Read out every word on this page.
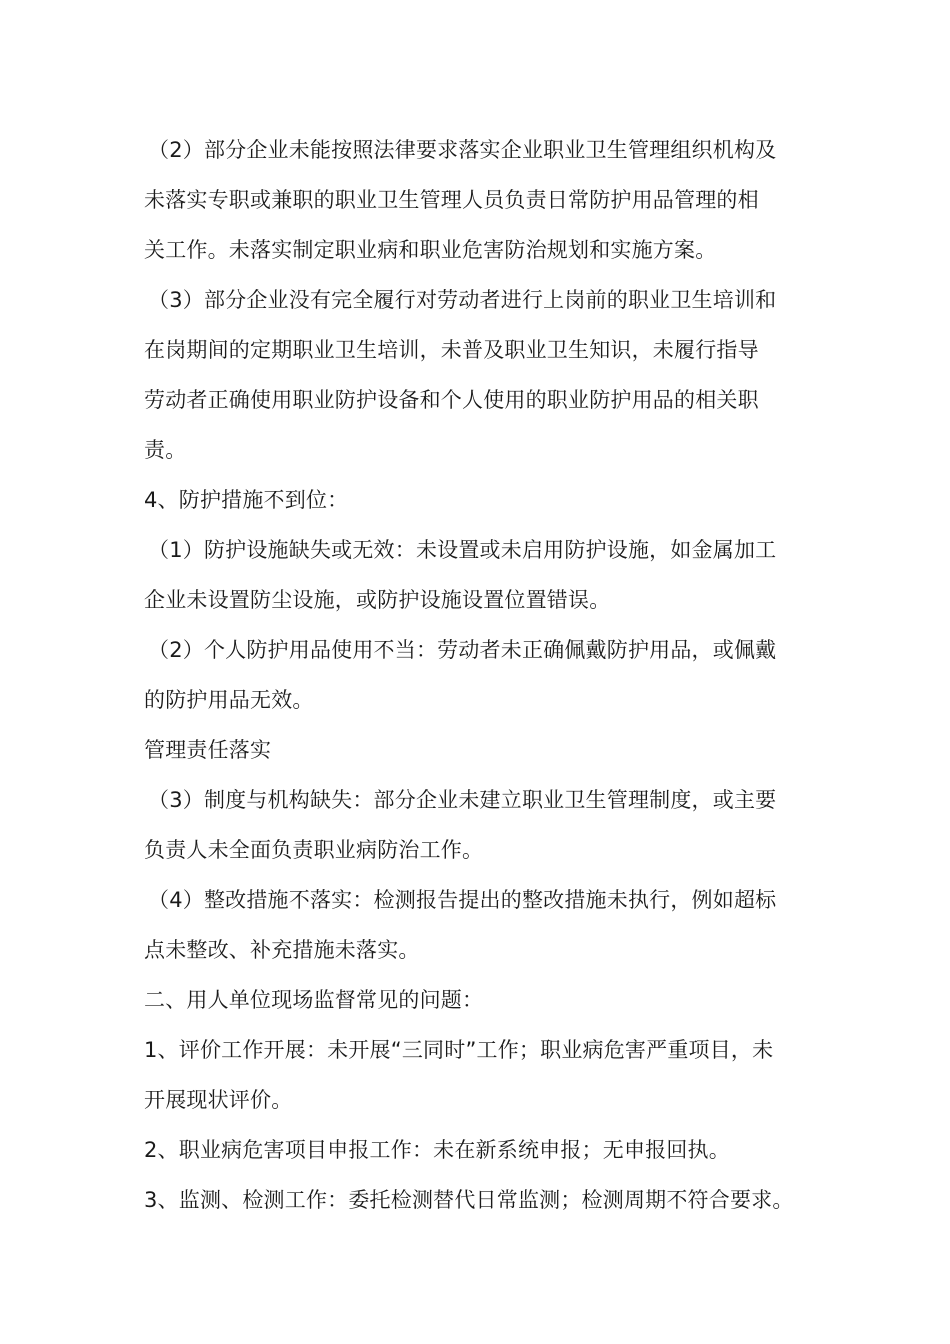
（2）部分企业未能按照法律要求落实企业职业卫生管理组织机构及
未落实专职或兼职的职业卫生管理人员负责日常防护用品管理的相
关工作。未落实制定职业病和职业危害防治规划和实施方案。
（3）部分企业没有完全履行对劳动者进行上岗前的职业卫生培训和
在岗期间的定期职业卫生培训，未普及职业卫生知识，未履行指导
劳动者正确使用职业防护设备和个人使用的职业防护用品的相关职
责。
4、防护措施不到位：
（1）防护设施缺失或无效：未设置或未启用防护设施，如金属加工
企业未设置防尘设施，或防护设施设置位置错误。
（2）个人防护用品使用不当：劳动者未正确佩戴防护用品，或佩戴
的防护用品无效。
管理责任落实
（3）制度与机构缺失：部分企业未建立职业卫生管理制度，或主要
负责人未全面负责职业病防治工作。
（4）整改措施不落实：检测报告提出的整改措施未执行，例如超标
点未整改、补充措施未落实。
二、用人单位现场监督常见的问题：
1、评价工作开展：未开展“三同时”工作；职业病危害严重项目，未
开展现状评价。
2、职业病危害项目申报工作：未在新系统申报；无申报回执。
3、监测、检测工作：委托检测替代日常监测；检测周期不符合要求。
